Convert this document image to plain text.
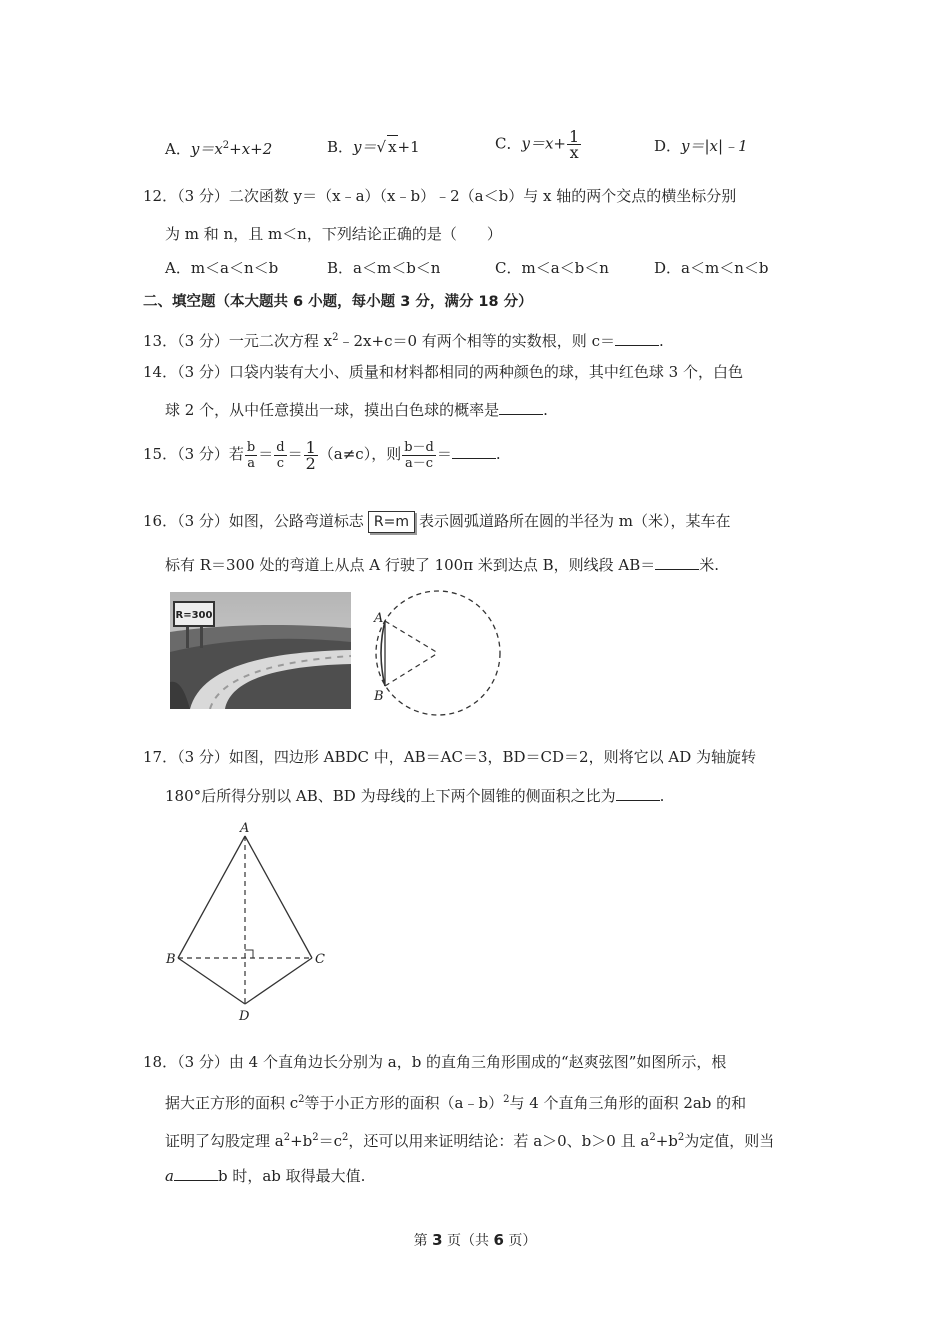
A．$y=x^2+x+2$	B．y＝√ x+1	C．$y=x+ \frac{1}{x}$	D．y＝|x|﹣1
12．（3 分）二次函数 y＝（x﹣a）（x﹣b）﹣2（a＜b）与 x 轴的两个交点的横坐标分别
为 m 和 n，且 m＜n，下列结论正确的是（　　）
A．m＜a＜n＜b	B．a＜m＜b＜n	C．m＜a＜b＜n	D．a＜m＜n＜b
二、填空题（本大题共 6 小题，每小题 3 分，满分 18 分）
13．（3 分）一元二次方程 $x^2﹣2x+c=0$ 有两个相等的实数根，则 c＝	.
14．（3 分）口袋内装有大小、质量和材料都相同的两种颜色的球，其中红色球 3 个，白色
球 2 个，从中任意摸出一球，摸出白色球的概率是	.
15．（3 分）若 $\frac{b}{a} = \frac{d}{c} = \frac{1}{2} (a\ne c)$，则 $\frac{b-d}{a-c}$ ＝	.
16．（3 分）如图，公路弯道标志 R=m 表示圆弧道路所在圆的半径为 m（米），某车在
标有 R＝300 处的弯道上从点 A 行驶了 100π 米到达点 B，则线段 AB＝	米.
R=300	A
B
17．（3 分）如图，四边形 ABDC 中，AB＝AC＝3，BD＝CD＝2，则将它以 AD 为轴旋转
180°后所得分别以 AB、BD 为母线的上下两个圆锥的侧面积之比为	.
A
B	C
D
18．（3 分）由 4 个直角边长分别为 a，b 的直角三角形围成的“赵爽弦图”如图所示，根
据大正方形的面积 $c^2$等于小正方形的面积（a﹣b）$^2$与 4 个直角三角形的面积 2ab 的和
证明了勾股定理 $a^2+b^2=c^2$，还可以用来证明结论：若 a＞0、b＞0 且 $a^2+b^2$为定值，则当
a	b 时，ab 取得最大值.
第 3 页（共 6 页）
